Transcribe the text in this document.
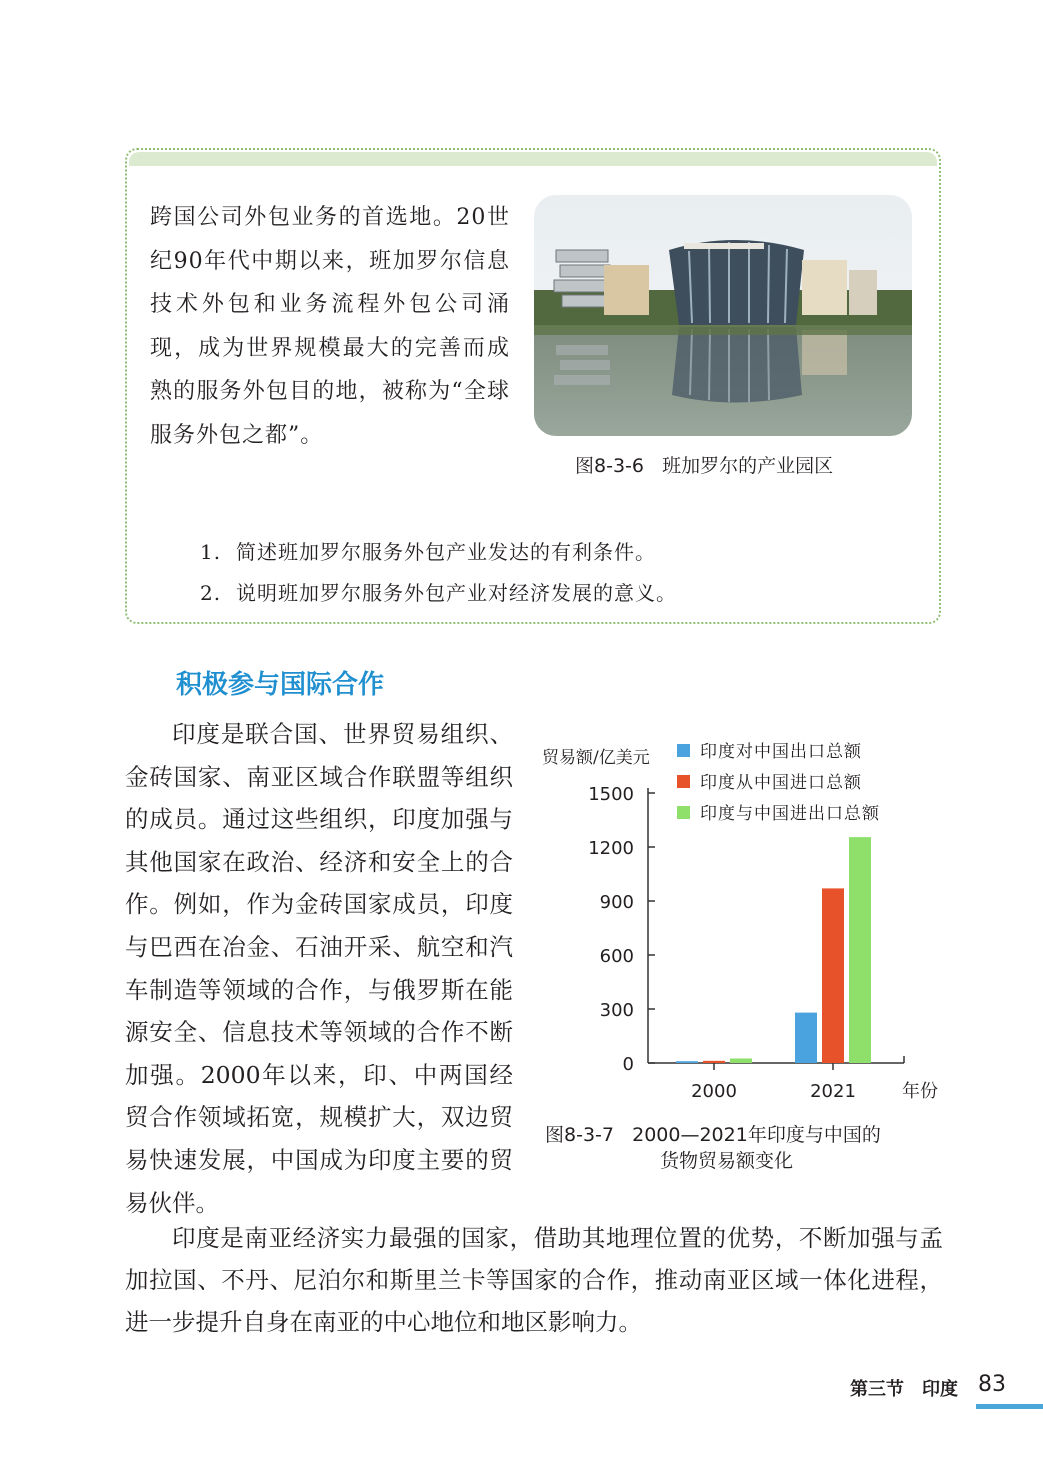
跨国公司外包业务的首选地。20世纪90年代中期以来，班加罗尔信息技术外包和业务流程外包公司涌现，成为世界规模最大的完善而成熟的服务外包目的地，被称为“全球服务外包之都”。

图8-3-6 班加罗尔的产业园区
1. 简述班加罗尔服务外包产业发达的有利条件。
2. 说明班加罗尔服务外包产业对经济发展的意义。
积极参与国际合作

印度是联合国、世界贸易组织、金砖国家、南亚区域合作联盟等组织的成员。通过这些组织，印度加强与其他国家在政治、经济和安全上的合作。例如，作为金砖国家成员，印度与巴西在冶金、石油开采、航空和汽车制造等领域的合作，与俄罗斯在能源安全、信息技术等领域的合作不断加强。2000年以来，印、中两国经贸合作领域拓宽，规模扩大，双边贸易快速发展，中国成为印度主要的贸易伙伴。

贸易额/亿美元
0
300
600
900
1200
1500
2000	2021	年份
印度对中国出口总额
印度从中国进口总额
印度与中国进出口总额
图8-3-7 2000—2021年印度与中国的
货物贸易额变化

印度是南亚经济实力最强的国家，借助其地理位置的优势，不断加强与孟加拉国、不丹、尼泊尔和斯里兰卡等国家的合作，推动南亚区域一体化进程，进一步提升自身在南亚的中心地位和地区影响力。

第三节　印度 83
